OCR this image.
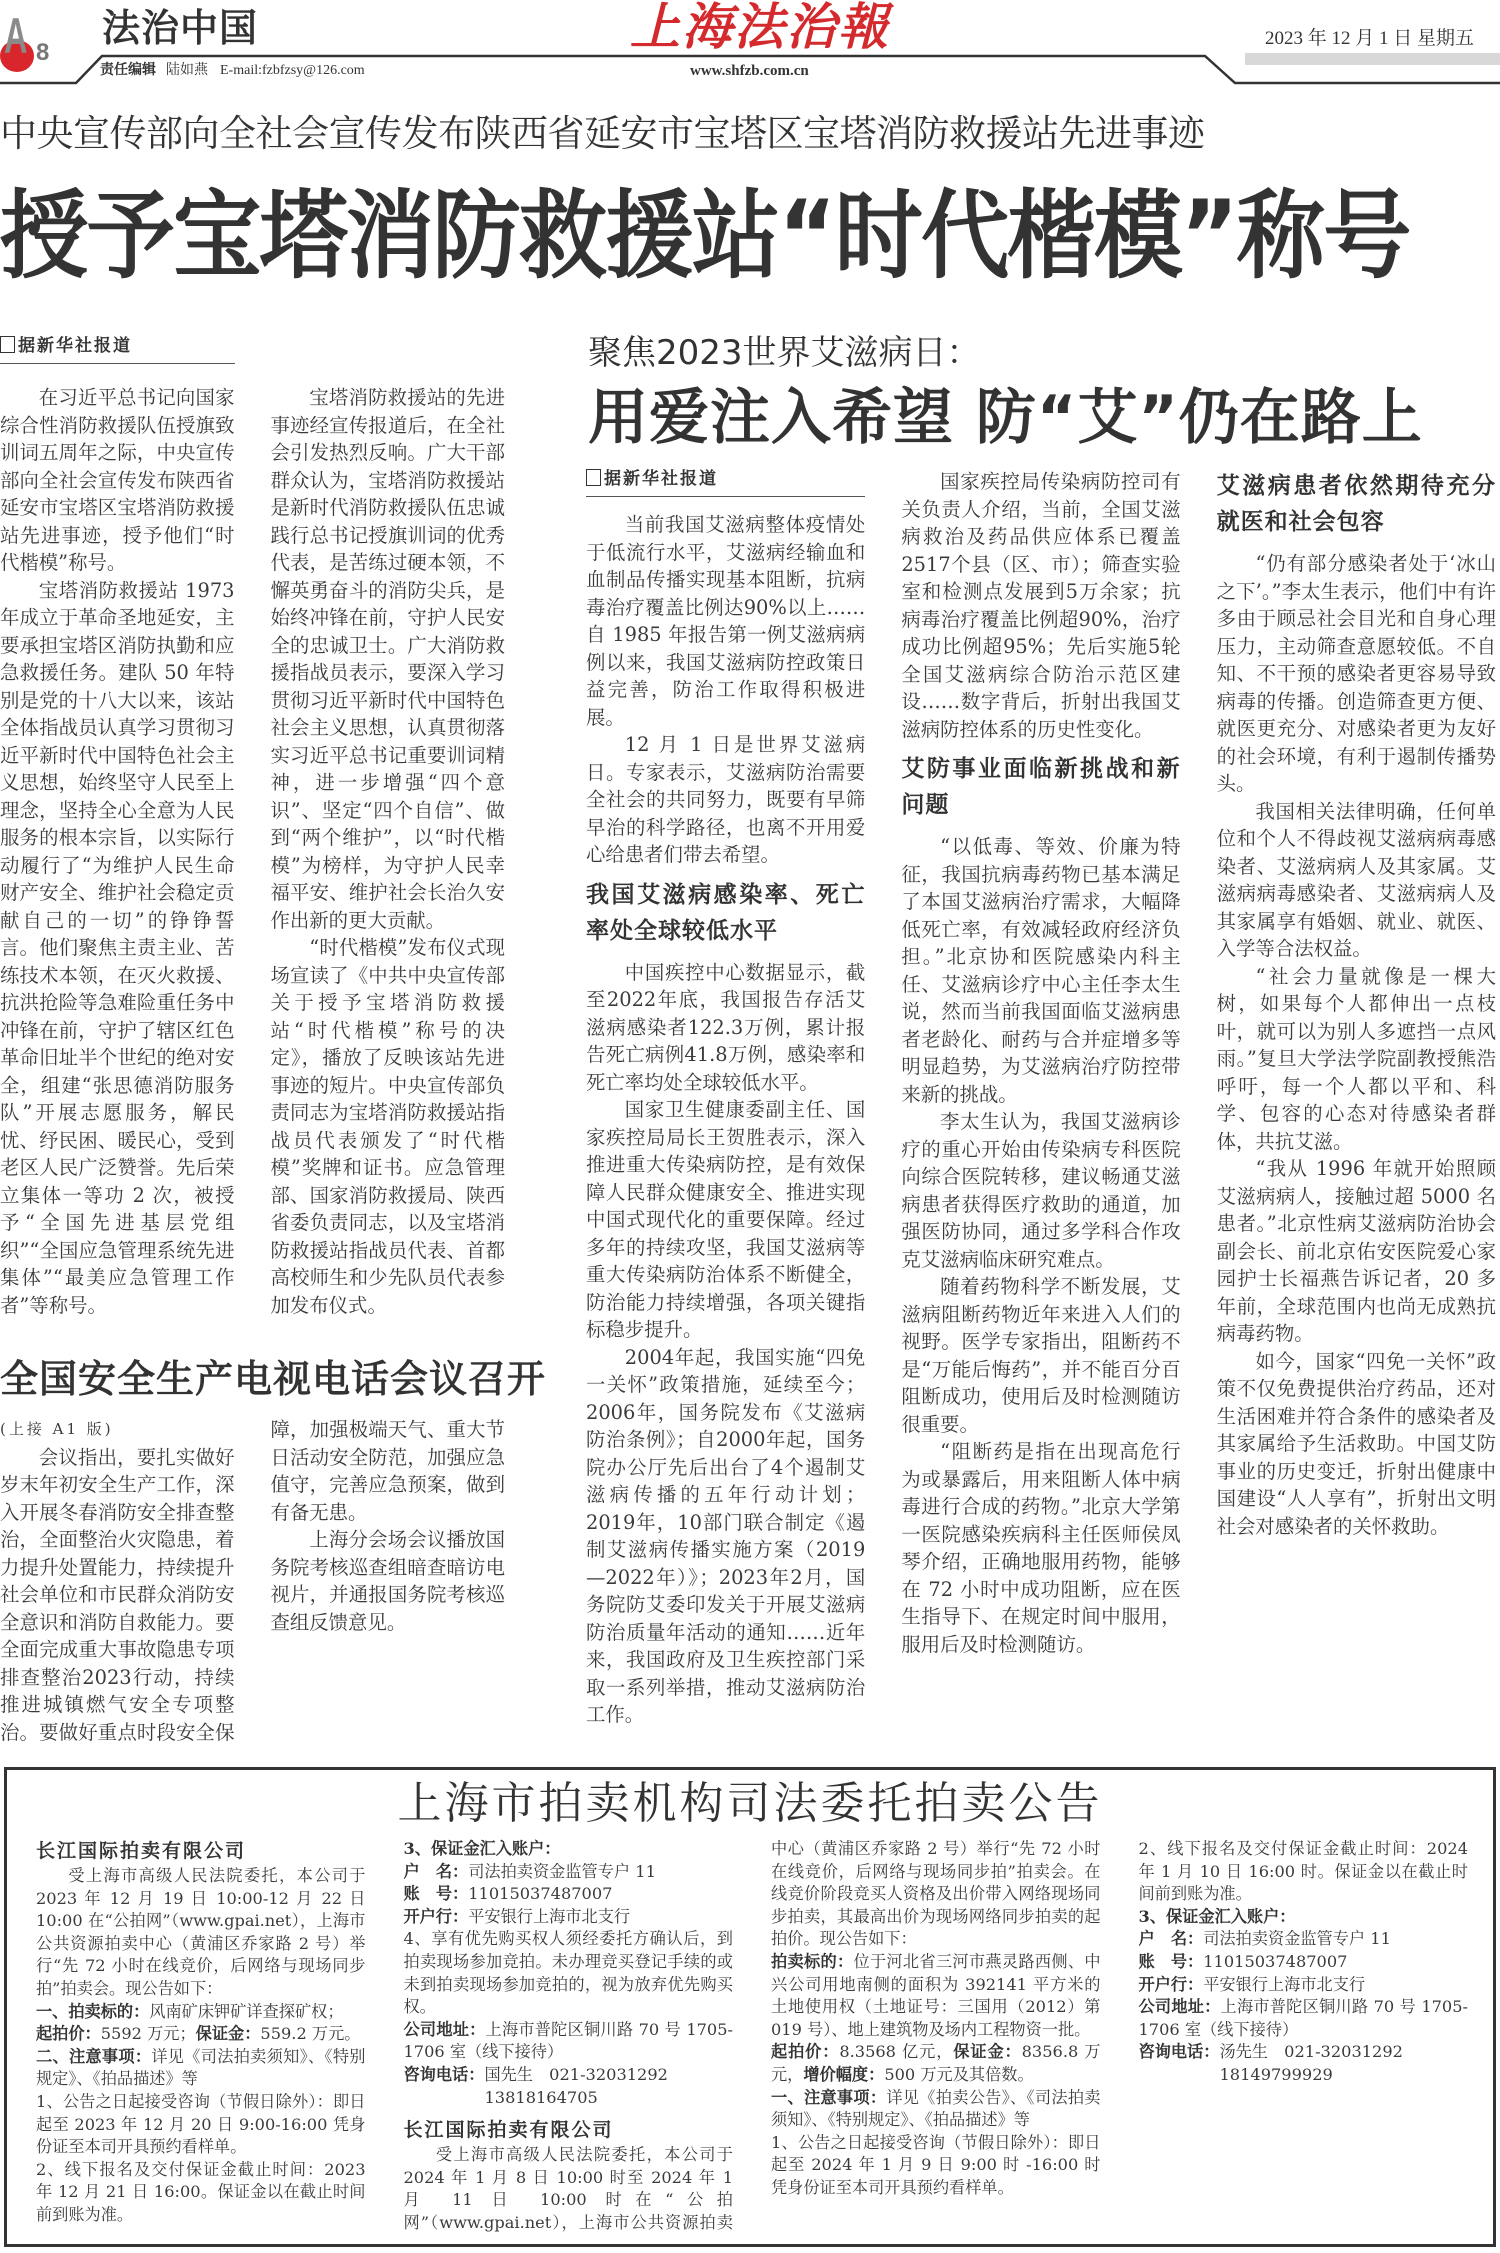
A 8
法治中国	上海法治報	2023 年 12 月 1 日 星期五
责任编辑 陆如燕 E-mail:fzbfzsy@126.com	www.shfzb.com.cn
中央宣传部向全社会宣传发布陕西省延安市宝塔区宝塔消防救援站先进事迹
授予宝塔消防救援站“时代楷模”称号
据新华社报道

在习近平总书记向国家综合性消防救援队伍授旗致训词五周年之际，中央宣传部向全社会宣传发布陕西省延安市宝塔区宝塔消防救援站先进事迹，授予他们“时代楷模”称号。

宝塔消防救援站 1973 年成立于革命圣地延安，主要承担宝塔区消防执勤和应急救援任务。建队 50 年特别是党的十八大以来，该站全体指战员认真学习贯彻习近平新时代中国特色社会主义思想，始终坚守人民至上理念，坚持全心全意为人民服务的根本宗旨，以实际行动履行了“为维护人民生命财产安全、维护社会稳定贡献自己的一切”的铮铮誓言。他们聚焦主责主业、苦练技术本领，在灭火救援、抗洪抢险等急难险重任务中冲锋在前，守护了辖区红色革命旧址半个世纪的绝对安全，组建“张思德消防服务队”开展志愿服务，解民忧、纾民困、暖民心，受到老区人民广泛赞誉。先后荣立集体一等功 2 次，被授予“全国先进基层党组织”“全国应急管理系统先进集体”“最美应急管理工作者”等称号。

宝塔消防救援站的先进事迹经宣传报道后，在全社会引发热烈反响。广大干部群众认为，宝塔消防救援站是新时代消防救援队伍忠诚践行总书记授旗训词的优秀代表，是苦练过硬本领，不懈英勇奋斗的消防尖兵，是始终冲锋在前，守护人民安全的忠诚卫士。广大消防救援指战员表示，要深入学习贯彻习近平新时代中国特色社会主义思想，认真贯彻落实习近平总书记重要训词精神，进一步增强“四个意识”、坚定“四个自信”、做到“两个维护”，以“时代楷模”为榜样，为守护人民幸福平安、维护社会长治久安作出新的更大贡献。

“时代楷模”发布仪式现场宣读了《中共中央宣传部关于授予宝塔消防救援站“时代楷模”称号的决定》，播放了反映该站先进事迹的短片。中央宣传部负责同志为宝塔消防救援站指战员代表颁发了“时代楷模”奖牌和证书。应急管理部、国家消防救援局、陕西省委负责同志，以及宝塔消防救援站指战员代表、首都高校师生和少先队员代表参加发布仪式。

全国安全生产电视电话会议召开

(上接 A1 版)

会议指出，要扎实做好岁末年初安全生产工作，深入开展冬春消防安全排查整治，全面整治火灾隐患，着力提升处置能力，持续提升社会单位和市民群众消防安全意识和消防自救能力。要全面完成重大事故隐患专项排查整治2023行动，持续推进城镇燃气安全专项整治。要做好重点时段安全保障，加强极端天气、重大节日活动安全防范，加强应急值守，完善应急预案，做到有备无患。

上海分会场会议播放国务院考核巡查组暗查暗访电视片，并通报国务院考核巡查组反馈意见。

聚焦2023世界艾滋病日：
用爱注入希望 防“艾”仍在路上
据新华社报道

当前我国艾滋病整体疫情处于低流行水平，艾滋病经输血和血制品传播实现基本阻断，抗病毒治疗覆盖比例达90%以上……自 1985 年报告第一例艾滋病病例以来，我国艾滋病防控政策日益完善，防治工作取得积极进展。

12 月 1 日是世界艾滋病日。专家表示，艾滋病防治需要全社会的共同努力，既要有早筛早治的科学路径，也离不开用爱心给患者们带去希望。

我国艾滋病感染率、死亡率处全球较低水平

中国疾控中心数据显示，截至2022年底，我国报告存活艾滋病感染者122.3万例，累计报告死亡病例41.8万例，感染率和死亡率均处全球较低水平。

国家卫生健康委副主任、国家疾控局局长王贺胜表示，深入推进重大传染病防控，是有效保障人民群众健康安全、推进实现中国式现代化的重要保障。经过多年的持续攻坚，我国艾滋病等重大传染病防治体系不断健全，防治能力持续增强，各项关键指标稳步提升。

2004年起，我国实施“四免一关怀”政策措施，延续至今；2006年，国务院发布《艾滋病防治条例》；自2000年起，国务院办公厅先后出台了4个遏制艾滋病传播的五年行动计划；2019年，10部门联合制定《遏制艾滋病传播实施方案（2019—2022年）》；2023年2月，国务院防艾委印发关于开展艾滋病防治质量年活动的通知……近年来，我国政府及卫生疾控部门采取一系列举措，推动艾滋病防治工作。

国家疾控局传染病防控司有关负责人介绍，当前，全国艾滋病救治及药品供应体系已覆盖2517个县（区、市）；筛查实验室和检测点发展到5万余家；抗病毒治疗覆盖比例超90%，治疗成功比例超95%；先后实施5轮全国艾滋病综合防治示范区建设……数字背后，折射出我国艾滋病防控体系的历史性变化。

艾防事业面临新挑战和新问题

“以低毒、等效、价廉为特征，我国抗病毒药物已基本满足了本国艾滋病治疗需求，大幅降低死亡率，有效减轻政府经济负担。”北京协和医院感染内科主任、艾滋病诊疗中心主任李太生说，然而当前我国面临艾滋病患者老龄化、耐药与合并症增多等明显趋势，为艾滋病治疗防控带来新的挑战。

李太生认为，我国艾滋病诊疗的重心开始由传染病专科医院向综合医院转移，建议畅通艾滋病患者获得医疗救助的通道，加强医防协同，通过多学科合作攻克艾滋病临床研究难点。

随着药物科学不断发展，艾滋病阻断药物近年来进入人们的视野。医学专家指出，阻断药不是“万能后悔药”，并不能百分百阻断成功，使用后及时检测随访很重要。

“阻断药是指在出现高危行为或暴露后，用来阻断人体中病毒进行合成的药物。”北京大学第一医院感染疾病科主任医师侯凤琴介绍，正确地服用药物，能够在 72 小时中成功阻断，应在医生指导下、在规定时间中服用，服用后及时检测随访。

艾滋病患者依然期待充分就医和社会包容

“仍有部分感染者处于‘冰山之下’。”李太生表示，他们中有许多由于顾忌社会目光和自身心理压力，主动筛查意愿较低。不自知、不干预的感染者更容易导致病毒的传播。创造筛查更方便、就医更充分、对感染者更为友好的社会环境，有利于遏制传播势头。

我国相关法律明确，任何单位和个人不得歧视艾滋病病毒感染者、艾滋病病人及其家属。艾滋病病毒感染者、艾滋病病人及其家属享有婚姻、就业、就医、入学等合法权益。

“社会力量就像是一棵大树，如果每个人都伸出一点枝叶，就可以为别人多遮挡一点风雨。”复旦大学法学院副教授熊浩呼吁，每一个人都以平和、科学、包容的心态对待感染者群体，共抗艾滋。

“我从 1996 年就开始照顾艾滋病病人，接触过超 5000 名患者。”北京性病艾滋病防治协会副会长、前北京佑安医院爱心家园护士长福燕告诉记者，20 多年前，全球范围内也尚无成熟抗病毒药物。

如今，国家“四免一关怀”政策不仅免费提供治疗药品，还对生活困难并符合条件的感染者及其家属给予生活救助。中国艾防事业的历史变迁，折射出健康中国建设“人人享有”，折射出文明社会对感染者的关怀救助。

上海市拍卖机构司法委托拍卖公告

长江国际拍卖有限公司

受上海市高级人民法院委托，本公司于 2023 年 12 月 19 日 10:00-12 月 22 日 10:00 在“公拍网”（www.gpai.net），上海市公共资源拍卖中心（黄浦区乔家路 2 号）举行“先 72 小时在线竞价，后网络与现场同步拍”拍卖会。现公告如下：

一、拍卖标的：风南矿床钾矿详查探矿权；

起拍价：5592 万元；保证金：559.2 万元。

二、注意事项：详见《司法拍卖须知》、《特别规定》、《拍品描述》等

1、公告之日起接受咨询（节假日除外）：即日起至 2023 年 12 月 20 日 9:00-16:00 凭身份证至本司开具预约看样单。

2、线下报名及交付保证金截止时间：2023 年 12 月 21 日 16:00。保证金以在截止时间前到账为准。

3、保证金汇入账户：

户　名：司法拍卖资金监管专户 11

账　号：11015037487007

开户行：平安银行上海市北支行

4、享有优先购买权人须经委托方确认后，到拍卖现场参加竞拍。未办理竞买登记手续的或未到拍卖现场参加竞拍的，视为放弃优先购买权。

公司地址：上海市普陀区铜川路 70 号 1705-1706 室（线下接待）

咨询电话：国先生　021-32031292

13818164705

长江国际拍卖有限公司

受上海市高级人民法院委托，本公司于 2024 年 1 月 8 日 10:00 时至 2024 年 1 月 11 日 10:00 时在“公拍网”（www.gpai.net），上海市公共资源拍卖中心（黄浦区乔家路 2 号）举行“先 72 小时在线竞价，后网络与现场同步拍”拍卖会。在线竞价阶段竞买人资格及出价带入网络现场同步拍卖，其最高出价为现场网络同步拍卖的起拍价。现公告如下：

拍卖标的：位于河北省三河市燕灵路西侧、中兴公司用地南侧的面积为 392141 平方米的土地使用权（土地证号：三国用（2012）第 019 号）、地上建筑物及场内工程物资一批。

起拍价：8.3568 亿元，保证金：8356.8 万元，增价幅度：500 万元及其倍数。

一、注意事项：详见《拍卖公告》、《司法拍卖须知》、《特别规定》、《拍品描述》等

1、公告之日起接受咨询（节假日除外）：即日起至 2024 年 1 月 9 日 9:00 时 -16:00 时凭身份证至本司开具预约看样单。

2、线下报名及交付保证金截止时间：2024 年 1 月 10 日 16:00 时。保证金以在截止时间前到账为准。

3、保证金汇入账户：

户　名：司法拍卖资金监管专户 11

账　号：11015037487007

开户行：平安银行上海市北支行

公司地址：上海市普陀区铜川路 70 号 1705-1706 室（线下接待）

咨询电话：汤先生　021-32031292

18149799929
